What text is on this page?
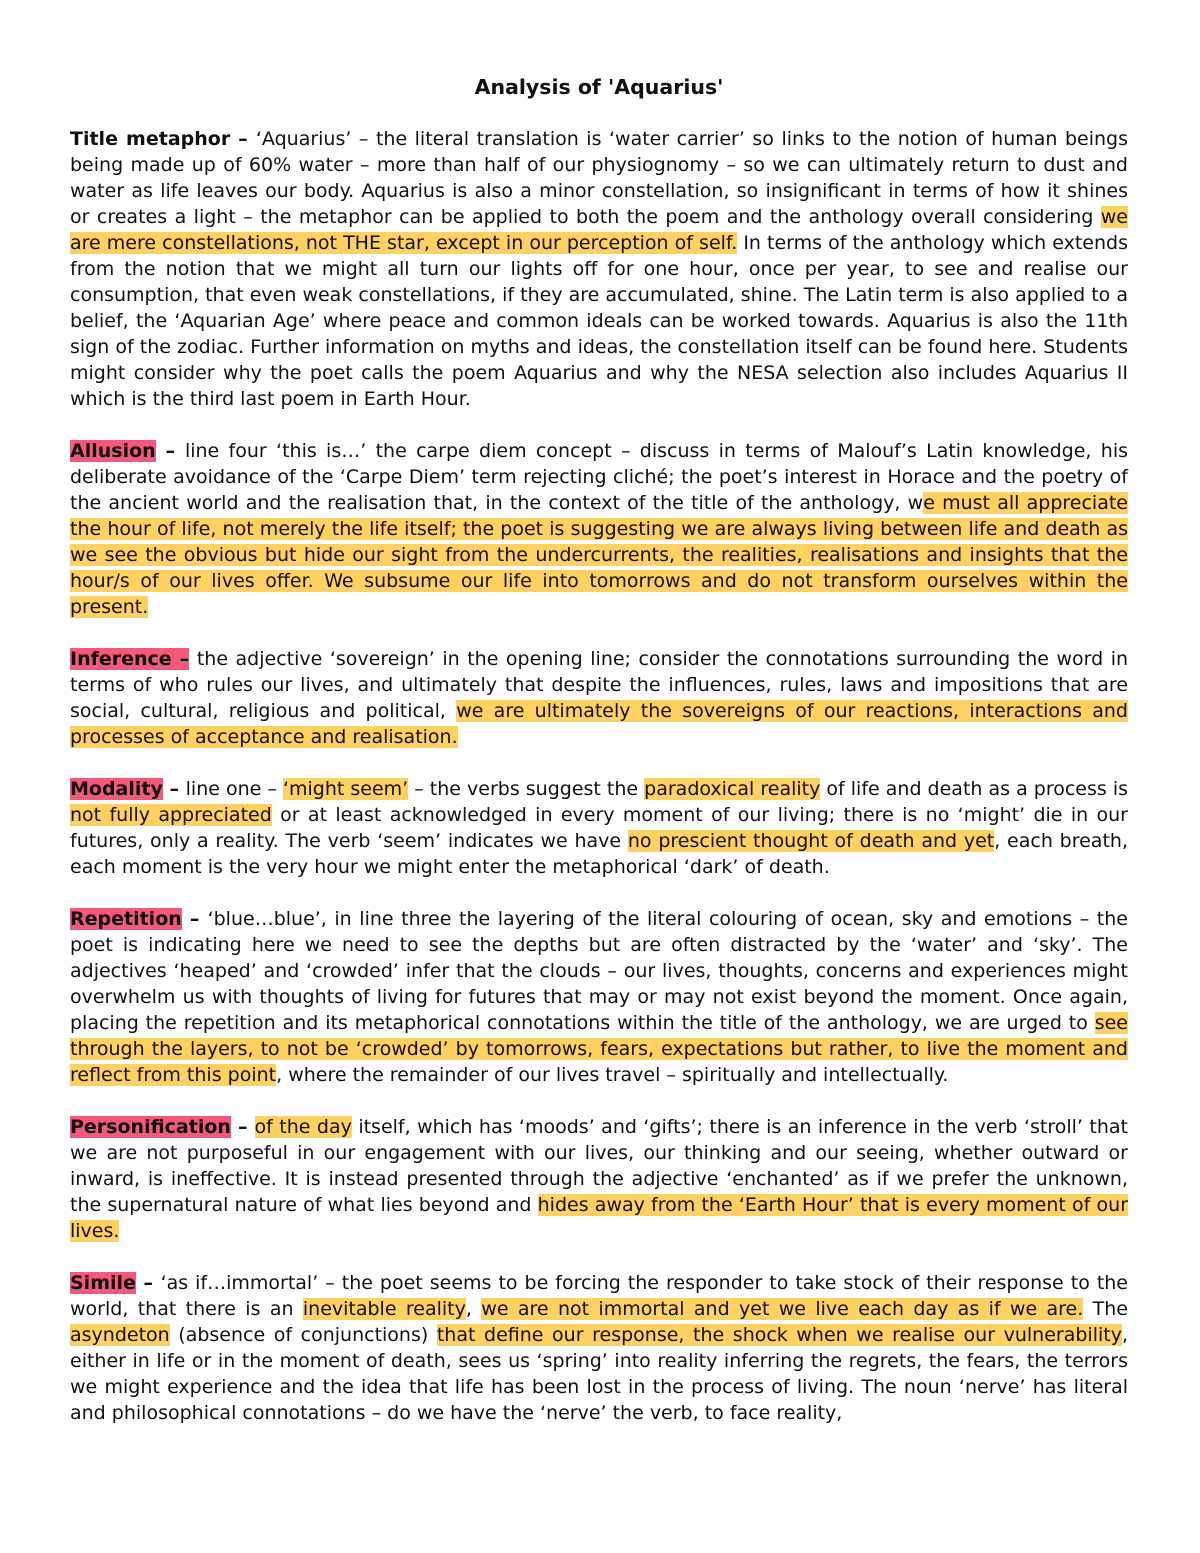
Analysis of 'Aquarius'

Title metaphor – ‘Aquarius’ – the literal translation is ‘water carrier’ so links to the notion of human beings being made up of 60% water – more than half of our physiognomy – so we can ultimately return to dust and water as life leaves our body. Aquarius is also a minor constellation, so insignificant in terms of how it shines or creates a light – the metaphor can be applied to both the poem and the anthology overall considering we are mere constellations, not THE star, except in our perception of self. In terms of the anthology which extends from the notion that we might all turn our lights off for one hour, once per year, to see and realise our consumption, that even weak constellations, if they are accumulated, shine. The Latin term is also applied to a belief, the ‘Aquarian Age’ where peace and common ideals can be worked towards. Aquarius is also the 11th sign of the zodiac. Further information on myths and ideas, the constellation itself can be found here. Students might consider why the poet calls the poem Aquarius and why the NESA selection also includes Aquarius II which is the third last poem in Earth Hour.

Allusion – line four ‘this is…’ the carpe diem concept – discuss in terms of Malouf’s Latin knowledge, his deliberate avoidance of the ‘Carpe Diem’ term rejecting cliché; the poet’s interest in Horace and the poetry of the ancient world and the realisation that, in the context of the title of the anthology, we must all appreciate the hour of life, not merely the life itself; the poet is suggesting we are always living between life and death as we see the obvious but hide our sight from the undercurrents, the realities, realisations and insights that the hour/s of our lives offer. We subsume our life into tomorrows and do not transform ourselves within the present.

Inference – the adjective ‘sovereign’ in the opening line; consider the connotations surrounding the word in terms of who rules our lives, and ultimately that despite the influences, rules, laws and impositions that are social, cultural, religious and political, we are ultimately the sovereigns of our reactions, interactions and processes of acceptance and realisation.

Modality – line one – ‘might seem’ – the verbs suggest the paradoxical reality of life and death as a process is not fully appreciated or at least acknowledged in every moment of our living; there is no ‘might’ die in our futures, only a reality. The verb ‘seem’ indicates we have no prescient thought of death and yet, each breath, each moment is the very hour we might enter the metaphorical ‘dark’ of death.

Repetition – ‘blue…blue’, in line three the layering of the literal colouring of ocean, sky and emotions – the poet is indicating here we need to see the depths but are often distracted by the ‘water’ and ‘sky’. The adjectives ‘heaped’ and ‘crowded’ infer that the clouds – our lives, thoughts, concerns and experiences might overwhelm us with thoughts of living for futures that may or may not exist beyond the moment. Once again, placing the repetition and its metaphorical connotations within the title of the anthology, we are urged to see through the layers, to not be ‘crowded’ by tomorrows, fears, expectations but rather, to live the moment and reflect from this point, where the remainder of our lives travel – spiritually and intellectually.

Personification – of the day itself, which has ‘moods’ and ‘gifts’; there is an inference in the verb ‘stroll’ that we are not purposeful in our engagement with our lives, our thinking and our seeing, whether outward or inward, is ineffective. It is instead presented through the adjective ‘enchanted’ as if we prefer the unknown, the supernatural nature of what lies beyond and hides away from the ‘Earth Hour’ that is every moment of our lives.

Simile – ‘as if…immortal’ – the poet seems to be forcing the responder to take stock of their response to the world, that there is an inevitable reality, we are not immortal and yet we live each day as if we are. The asyndeton (absence of conjunctions) that define our response, the shock when we realise our vulnerability, either in life or in the moment of death, sees us ‘spring’ into reality inferring the regrets, the fears, the terrors we might experience and the idea that life has been lost in the process of living. The noun ‘nerve’ has literal and philosophical connotations – do we have the ‘nerve’ the verb, to face reality,
